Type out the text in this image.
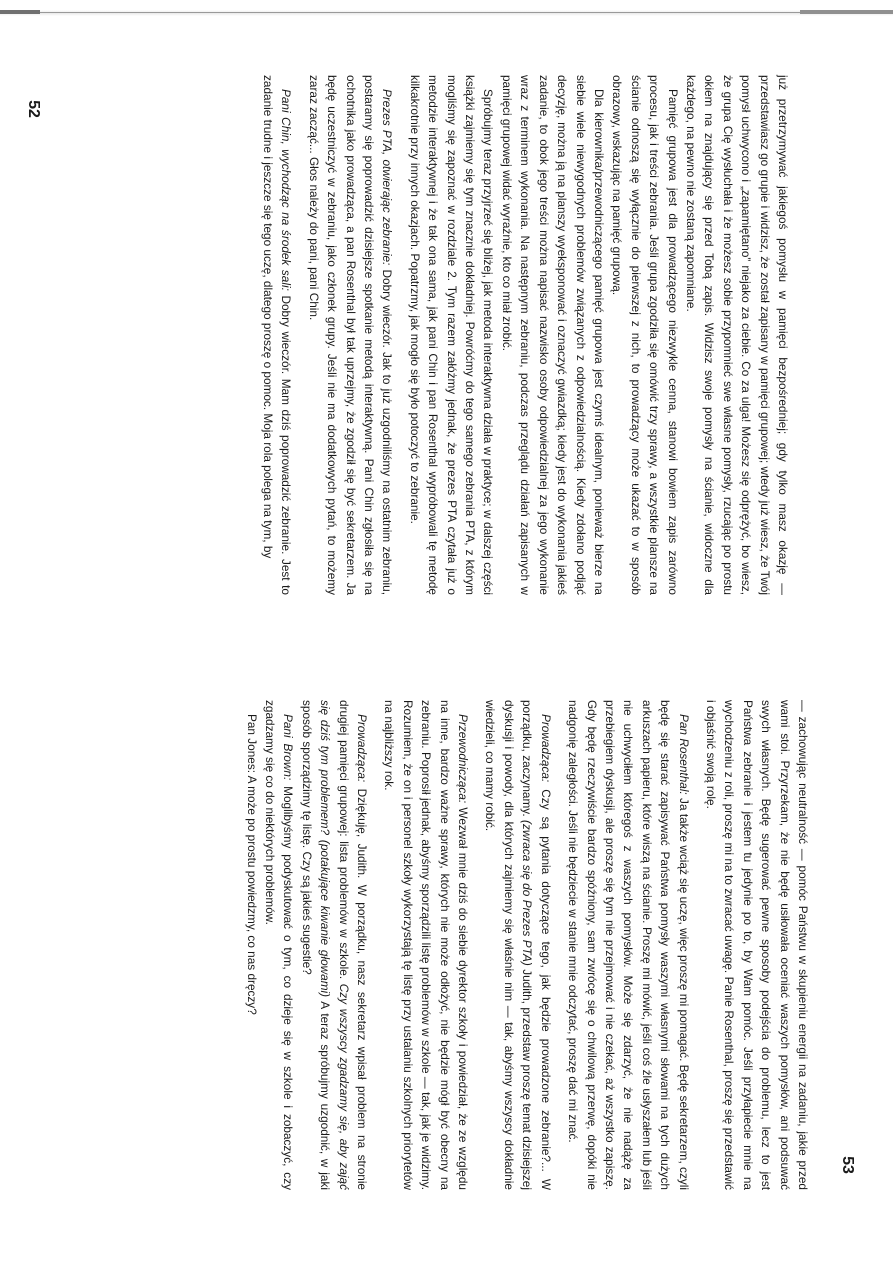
52
53

już przetrzymywać jakiegoś pomysłu w pamięci bezpośredniej; gdy tylko masz okazję — przedstawiasz go grupie i widzisz, że został zapisany w pamięci grupowej; wtedy już wiesz, że Twój pomysł uchwycono i „zapamiętano” niejako za ciebie. Co za ulga! Możesz się odprężyć, bo wiesz, że grupa Cię wysłuchała i że możesz sobie przypomnieć swe własne pomysły, rzucając po prostu okiem na znajdujący się przed Tobą zapis. Widzisz swoje pomysły na ścianie, widoczne dla każdego, na pewno nie zostaną zapomniane.

Pamięć grupowa jest dla prowadzącego niezwykle cenna, stanowi bowiem zapis zarówno procesu, jak i treści zebrania. Jeśli grupa zgodziła się omówić trzy sprawy, a wszystkie plansze na ścianie odnoszą się wyłącznie do pierwszej z nich, to prowadzący może ukazać to w sposób obrazowy, wskazując na pamięć grupową.

Dla kierownika/przewodniczącego pamięć grupowa jest czymś idealnym, ponieważ bierze na siebie wiele niewygodnych problemów związanych z odpowiedzialnością. Kiedy zdołano podjąć decyzję, można ją na planszy wyeksponować i oznaczyć gwiazdką; kiedy jest do wykonania jakieś zadanie, to obok jego treści można napisać nazwisko osoby odpowiedzialnej za jego wykonanie wraz z terminem wykonania. Na następnym zebraniu, podczas przeglądu działań zapisanych w pamięci grupowej widać wyraźnie, kto co miał zrobić.

Spróbujmy teraz przyjrzeć się bliżej, jak metoda interaktywna działa w praktyce; w dalszej części książki zajmiemy się tym znacznie dokładniej. Powróćmy do tego samego zebrania PTA, z którym mogliśmy się zapoznać w rozdziale 2. Tym razem załóżmy jednak, że prezes PTA czytała już o metodzie interaktywnej i że tak ona sama, jak pani Chin i pan Rosenthal wypróbowali tę metodę kilkakrotnie przy innych okazjach. Popatrzmy, jak mogło się było potoczyć to zebranie.

Prezes PTA, otwierając zebranie: Dobry wieczór. Jak to już uzgodniliśmy na ostatnim zebraniu, postaramy się poprowadzić dzisiejsze spotkanie metodą interaktywną. Pani Chin zgłosiła się na ochotnika jako prowadząca, a pan Rosenthal był tak uprzejmy, że zgodził się być sekretarzem. Ja będę uczestniczyć w zebraniu, jako członek grupy. Jeśli nie ma dodatkowych pytań, to możemy zaraz zacząć... Głos należy do pani, pani Chin.

Pani Chin, wychodząc na środek sali: Dobry wieczór. Mam dziś poprowadzić zebranie. Jest to zadanie trudne i jeszcze się tego uczę, dlatego proszę o pomoc. Moja rola polega na tym, by

— zachowując neutralność — pomóc Państwu w skupieniu energii na zadaniu, jakie przed wami stoi. Przyrzekam, że nie będę usiłowała oceniać waszych pomysłów, ani podsuwać swych własnych. Będę sugerować pewne sposoby podejścia do problemu, lecz to jest Państwa zebranie i jestem tu jedynie po to, by Wam pomóc. Jeśli przyłapiecie mnie na wychodzeniu z roli, proszę mi na to zwracać uwagę. Panie Rosenthal, proszę się przedstawić i objaśnić swoją rolę.

Pan Rosenthal: Ja także wciąż się uczę, więc proszę mi pomagać. Będę sekretarzem, czyli będę się starać zapisywać Państwa pomysły waszymi własnymi słowami na tych dużych arkuszach papieru, które wiszą na ścianie. Proszę mi mówić, jeśli coś źle usłyszałem lub jeśli nie uchwyciłem któregoś z waszych pomysłów. Może się zdarzyć, że nie nadążę za przebiegiem dyskusji, ale proszę się tym nie przejmować i nie czekać, aż wszystko zapiszę. Gdy będę rzeczywiście bardzo spóźniony, sam zwrócę się o chwilową przerwę, dopóki nie nadgonię zaległości. Jeśli nie będziecie w stanie mnie odczytać, proszę dać mi znać.

Prowadząca: Czy są pytania dotyczące tego, jak będzie prowadzone zebranie?... W porządku, zaczynamy. (zwraca się do Prezes PTA) Judith, przedstaw proszę temat dzisiejszej dyskusji i powody, dla których zajmiemy się właśnie nim — tak, abyśmy wszyscy dokładnie wiedzieli, co mamy robić.

Przewodnicząca: Wezwał mnie dziś do siebie dyrektor szkoły i powiedział, że ze względu na inne, bardzo ważne sprawy, których nie może odłożyć, nie będzie mógł być obecny na zebraniu. Poprosił jednak, abyśmy sporządzili listę problemów w szkole — tak, jak je widzimy. Rozumiem, że on i personel szkoły wykorzystają tę listę przy ustalaniu szkolnych priorytetów na najbliższy rok.

Prowadząca: Dziękuję, Judith. W porządku, nasz sekretarz wpisał problem na stronie drugiej pamięci grupowej: lista problemów w szkole. Czy wszyscy zgadzamy się, aby zająć się dziś tym problemem? (potakujące kiwanie głowami) A teraz spróbujmy uzgodnić, w jaki sposób sporządzimy tę listę. Czy są jakieś sugestie?

Pani Brown: Moglibyśmy podyskutować o tym, co dzieje się w szkole i zobaczyć, czy zgadzamy się co do niektórych problemów.

Pan Jones: A może po prostu powiedzmy, co nas dręczy?
